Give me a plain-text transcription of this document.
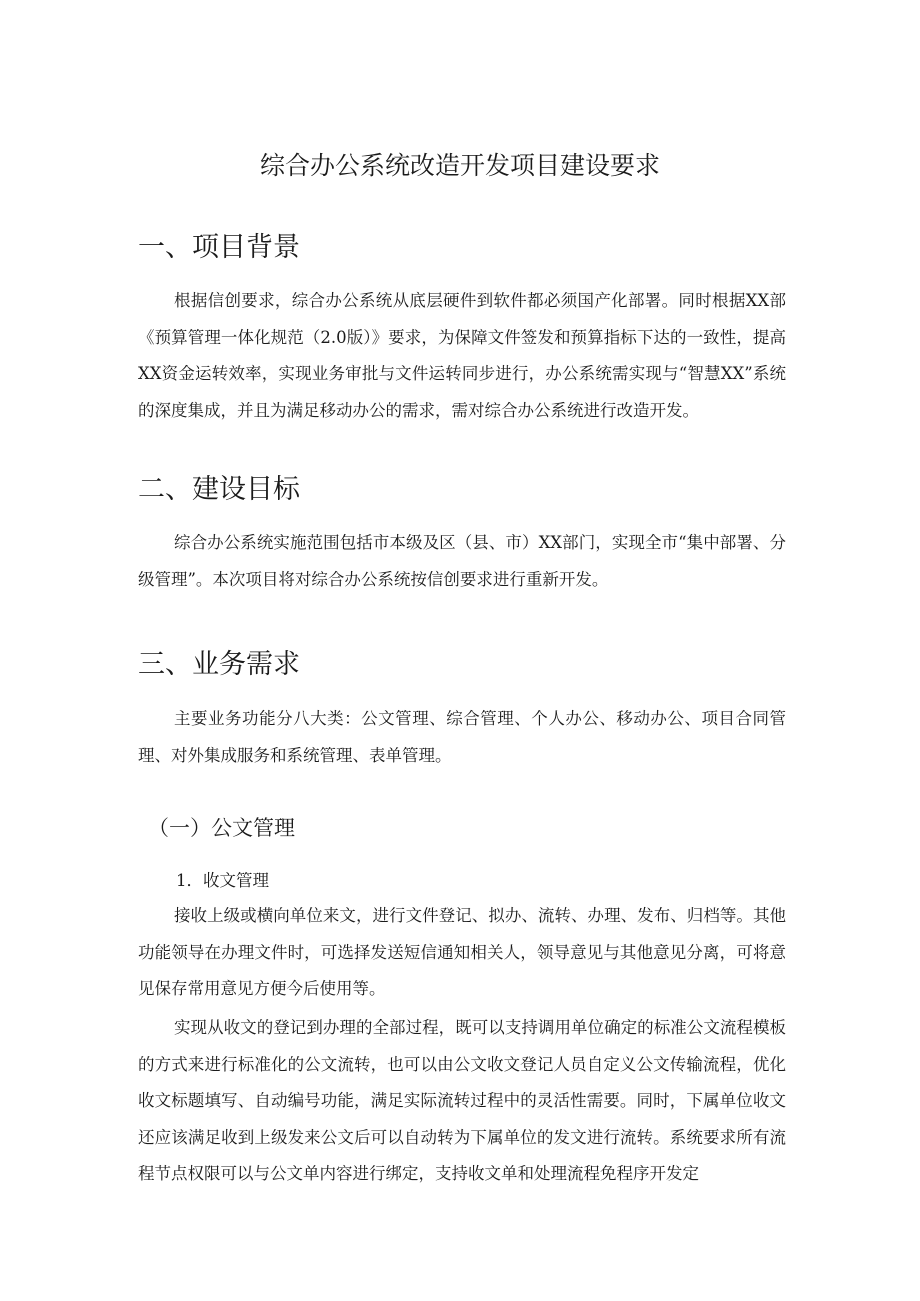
综合办公系统改造开发项目建设要求
一、项目背景
根据信创要求，综合办公系统从底层硬件到软件都必须国产化部署。同时根据XX部《预算管理一体化规范（2.0版）》要求，为保障文件签发和预算指标下达的一致性，提高XX资金运转效率，实现业务审批与文件运转同步进行，办公系统需实现与“智慧XX”系统的深度集成，并且为满足移动办公的需求，需对综合办公系统进行改造开发。
二、建设目标
综合办公系统实施范围包括市本级及区（县、市）XX部门，实现全市“集中部署、分级管理”。本次项目将对综合办公系统按信创要求进行重新开发。
三、业务需求
主要业务功能分八大类：公文管理、综合管理、个人办公、移动办公、项目合同管理、对外集成服务和系统管理、表单管理。
（一）公文管理
1．收文管理
接收上级或横向单位来文，进行文件登记、拟办、流转、办理、发布、归档等。其他功能领导在办理文件时，可选择发送短信通知相关人，领导意见与其他意见分离，可将意见保存常用意见方便今后使用等。
实现从收文的登记到办理的全部过程，既可以支持调用单位确定的标准公文流程模板的方式来进行标准化的公文流转，也可以由公文收文登记人员自定义公文传输流程，优化收文标题填写、自动编号功能，满足实际流转过程中的灵活性需要。同时，下属单位收文还应该满足收到上级发来公文后可以自动转为下属单位的发文进行流转。系统要求所有流程节点权限可以与公文单内容进行绑定，支持收文单和处理流程免程序开发定
